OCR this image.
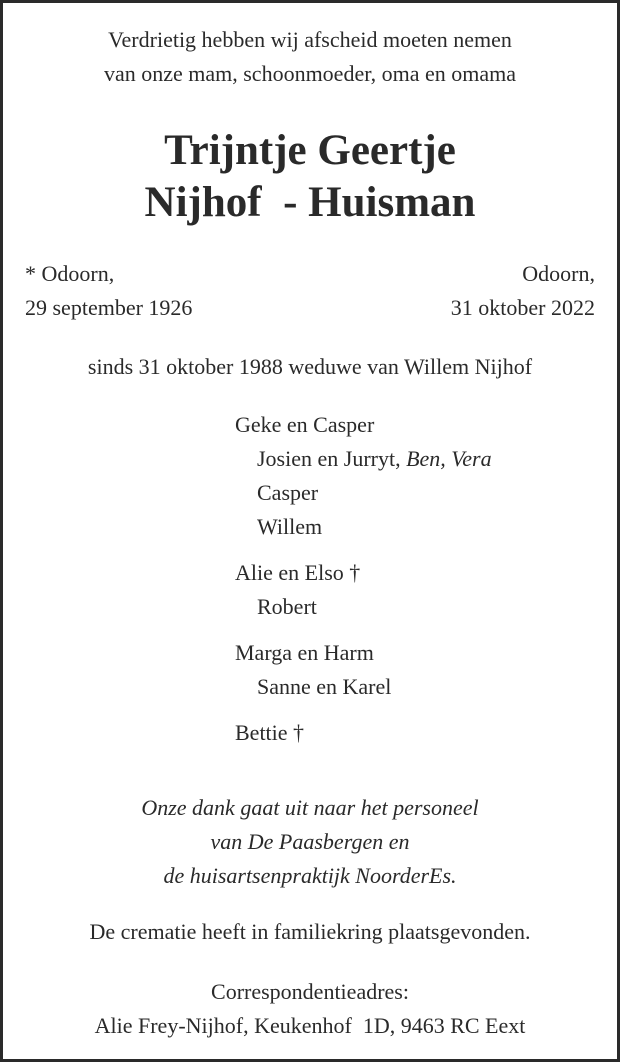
Verdrietig hebben wij afscheid moeten nemen
van onze mam, schoonmoeder, oma en omama
Trijntje Geertje
Nijhof  - Huisman
* Odoorn,
29 september 1926
Odoorn,
31 oktober 2022
sinds 31 oktober 1988 weduwe van Willem Nijhof
Geke en Casper
Josien en Jurryt, Ben, Vera
Casper
Willem
Alie en Elso †
Robert
Marga en Harm
Sanne en Karel
Bettie †
Onze dank gaat uit naar het personeel
van De Paasbergen en
de huisartsenpraktijk NoorderEs.
De crematie heeft in familiekring plaatsgevonden.
Correspondentieadres:
Alie Frey-Nijhof, Keukenhof  1D, 9463 RC Eext
